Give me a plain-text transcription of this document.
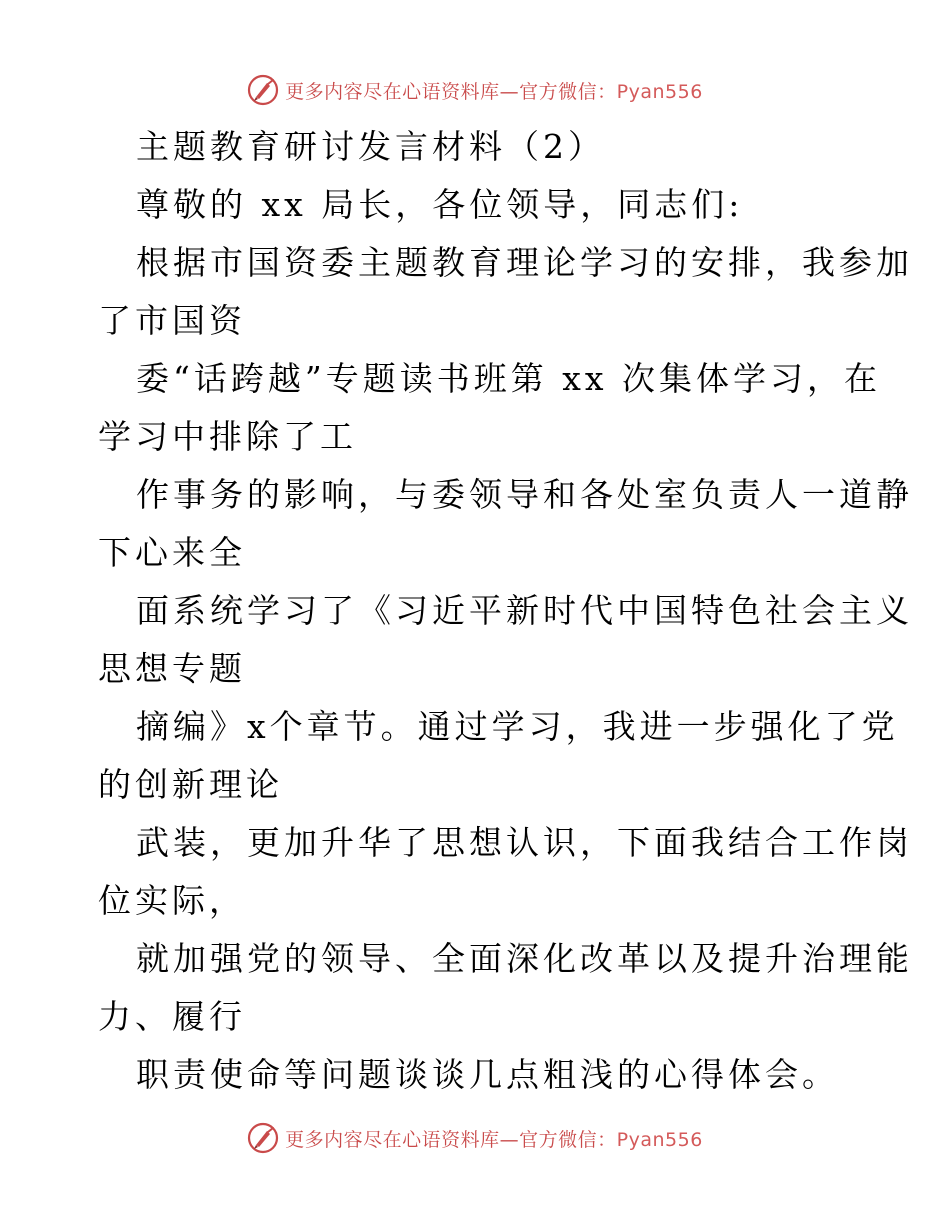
更多内容尽在心语资料库—官方微信：Pyan556
主题教育研讨发言材料（2）
尊敬的 xx 局长，各位领导，同志们:
根据市国资委主题教育理论学习的安排，我参加
了市国资
委“话跨越”专题读书班第 xx 次集体学习，在
学习中排除了工
作事务的影响，与委领导和各处室负责人一道静
下心来全
面系统学习了《习近平新时代中国特色社会主义
思想专题
摘编》x个章节。通过学习，我进一步强化了党
的创新理论
武装，更加升华了思想认识，下面我结合工作岗
位实际，
就加强党的领导、全面深化改革以及提升治理能
力、履行
职责使命等问题谈谈几点粗浅的心得体会。
更多内容尽在心语资料库—官方微信：Pyan556
